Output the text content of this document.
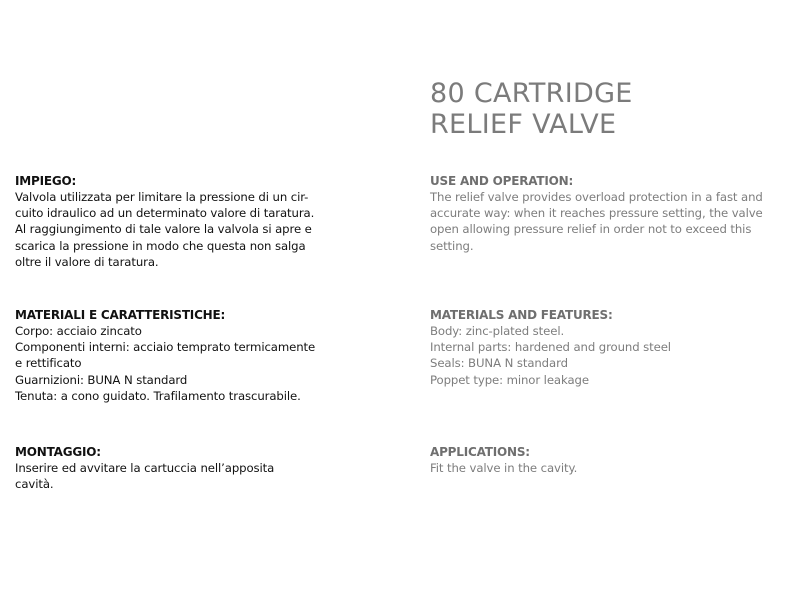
80 CARTRIDGE
RELIEF VALVE
IMPIEGO:
Valvola utilizzata per limitare la pressione di un cir-
cuito idraulico ad un determinato valore di taratura.
Al raggiungimento di tale valore la valvola si apre e
scarica la pressione in modo che questa non salga
oltre il valore di taratura.
MATERIALI E CARATTERISTICHE:
Corpo: acciaio zincato
Componenti interni: acciaio temprato termicamente
e rettificato
Guarnizioni: BUNA N standard
Tenuta: a cono guidato. Trafilamento trascurabile.
MONTAGGIO:
Inserire ed avvitare la cartuccia nell’apposita
cavità.
USE AND OPERATION:
The relief valve provides overload protection in a fast and
accurate way: when it reaches pressure setting, the valve
open allowing pressure relief in order not to exceed this
setting.
MATERIALS AND FEATURES:
Body: zinc-plated steel.
Internal parts: hardened and ground steel
Seals: BUNA N standard
Poppet type: minor leakage
APPLICATIONS:
Fit the valve in the cavity.
